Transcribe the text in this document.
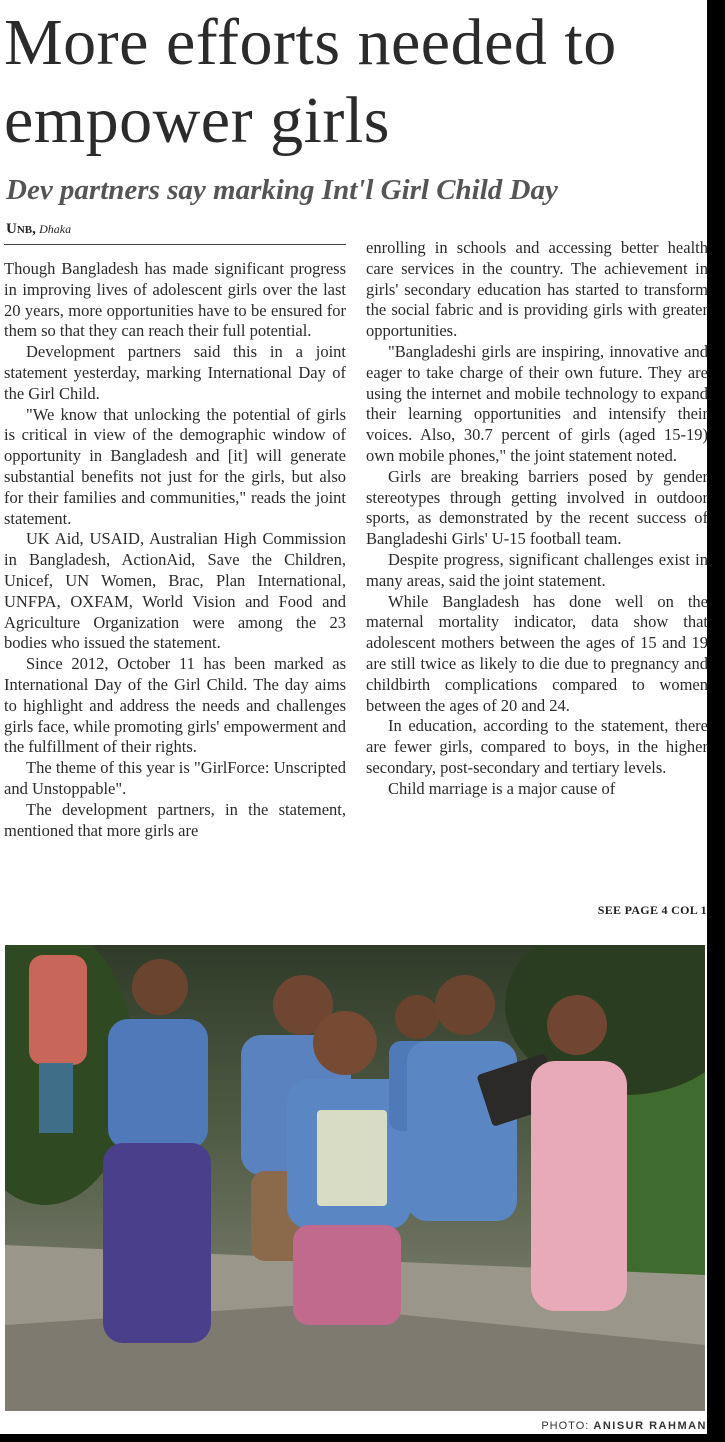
More efforts needed to empower girls
Dev partners say marking Int'l Girl Child Day
Unb, Dhaka

Though Bangladesh has made significant progress in improving lives of adolescent girls over the last 20 years, more opportunities have to be ensured for them so that they can reach their full potential.

Development partners said this in a joint statement yesterday, marking International Day of the Girl Child.

"We know that unlocking the potential of girls is critical in view of the demographic window of opportunity in Bangladesh and [it] will generate substantial benefits not just for the girls, but also for their families and communities," reads the joint statement.

UK Aid, USAID, Australian High Commission in Bangladesh, ActionAid, Save the Children, Unicef, UN Women, Brac, Plan International, UNFPA, OXFAM, World Vision and Food and Agriculture Organization were among the 23 bodies who issued the statement.

Since 2012, October 11 has been marked as International Day of the Girl Child. The day aims to highlight and address the needs and challenges girls face, while promoting girls' empowerment and the fulfillment of their rights.

The theme of this year is "GirlForce: Unscripted and Unstoppable".

The development partners, in the statement, mentioned that more girls are

enrolling in schools and accessing better health care services in the country. The achievement in girls' secondary education has started to transform the social fabric and is providing girls with greater opportunities.

"Bangladeshi girls are inspiring, innovative and eager to take charge of their own future. They are using the internet and mobile technology to expand their learning opportunities and intensify their voices. Also, 30.7 percent of girls (aged 15-19) own mobile phones," the joint statement noted.

Girls are breaking barriers posed by gender stereotypes through getting involved in outdoor sports, as demonstrated by the recent success of Bangladeshi Girls' U-15 football team.

Despite progress, significant challenges exist in many areas, said the joint statement.

While Bangladesh has done well on the maternal mortality indicator, data show that adolescent mothers between the ages of 15 and 19 are still twice as likely to die due to pregnancy and childbirth complications compared to women between the ages of 20 and 24.

In education, according to the statement, there are fewer girls, compared to boys, in the higher secondary, post-secondary and tertiary levels.

Child marriage is a major cause of

SEE PAGE 4 COL 1
PHOTO: ANISUR RAHMAN
